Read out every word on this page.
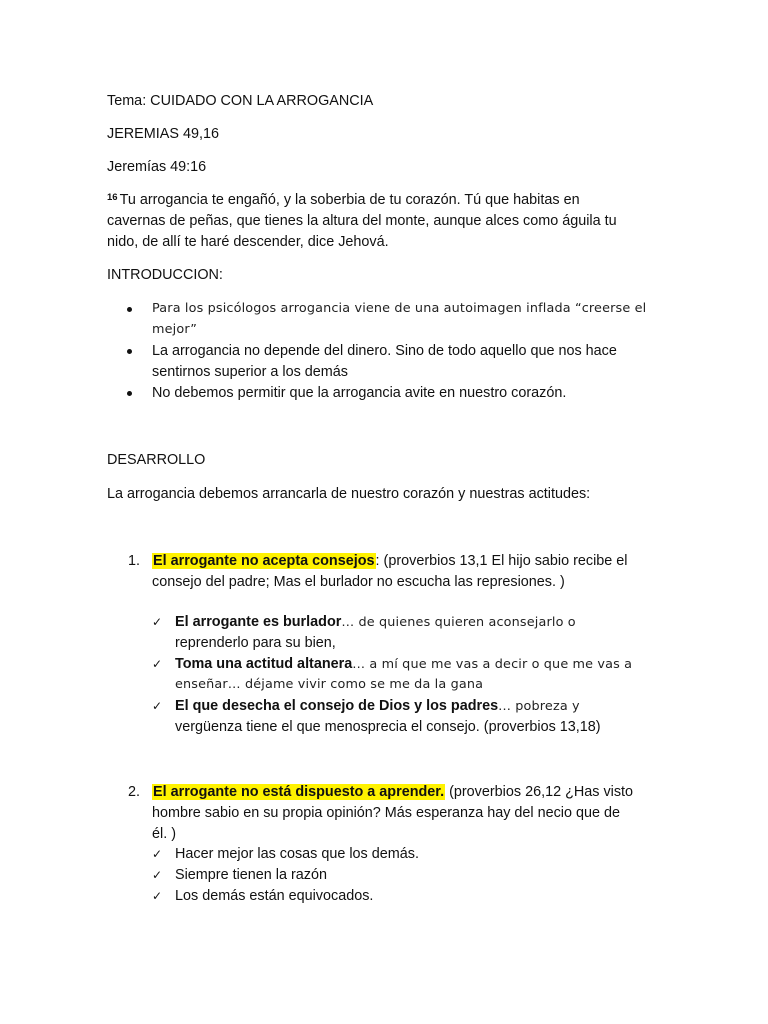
Tema: CUIDADO CON LA ARROGANCIA
JEREMIAS 49,16
Jeremías 49:16
$^{16}$ Tu arrogancia te engañó, y la soberbia de tu corazón. Tú que habitas en
cavernas de peñas, que tienes la altura del monte, aunque alces como águila tu
nido, de allí te haré descender, dice Jehová.
INTRODUCCION:
Para los psicólogos arrogancia viene de una autoimagen inflada “creerse el
mejor”
La arrogancia no depende del dinero. Sino de todo aquello que nos hace
sentirnos superior a los demás
No debemos permitir que la arrogancia avite en nuestro corazón.
DESARROLLO
La arrogancia debemos arrancarla de nuestro corazón y nuestras actitudes:
1. El arrogante no acepta consejos: (proverbios 13,1 El hijo sabio recibe el
consejo del padre; Mas el burlador no escucha las represiones. )
✓ El arrogante es burlador… de quienes quieren aconsejarlo o
reprenderlo para su bien,
✓ Toma una actitud altanera… a mí que me vas a decir o que me vas a
enseñar… déjame vivir como se me da la gana
✓ El que desecha el consejo de Dios y los padres… pobreza y
vergüenza tiene el que menosprecia el consejo. (proverbios 13,18)
2. El arrogante no está dispuesto a aprender. (proverbios 26,12 ¿Has visto
hombre sabio en su propia opinión? Más esperanza hay del necio que de
él. )
✓ Hacer mejor las cosas que los demás.
✓ Siempre tienen la razón
✓ Los demás están equivocados.
